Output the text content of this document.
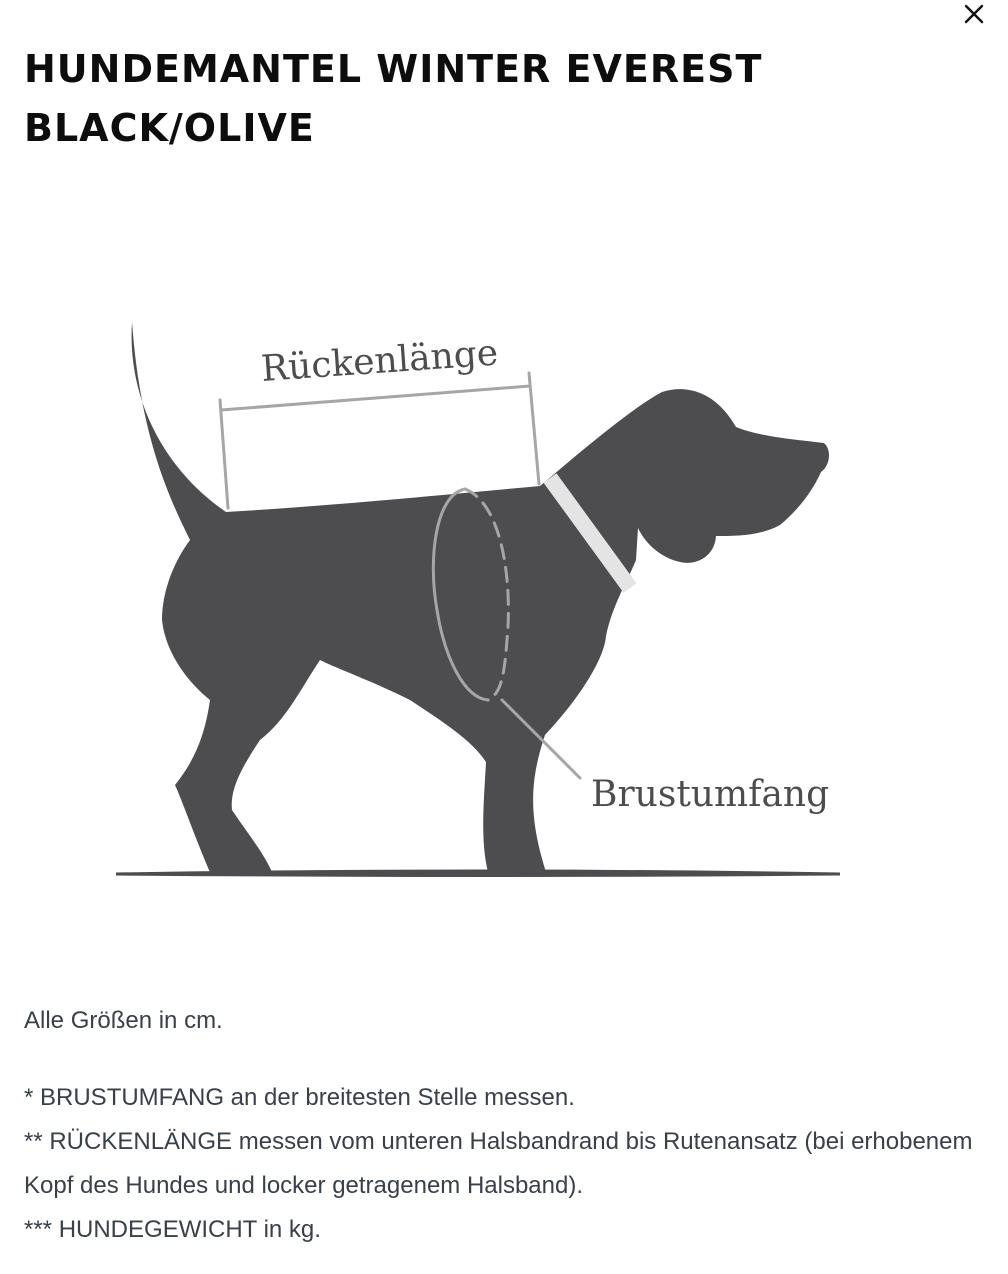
HUNDEMANTEL WINTER EVEREST
BLACK/OLIVE
Rückenlänge
Brustumfang

Alle Größen in cm.

* BRUSTUMFANG an der breitesten Stelle messen.

** RÜCKENLÄNGE messen vom unteren Halsbandrand bis Rutenansatz (bei erhobenem Kopf des Hundes und locker getragenem Halsband).

*** HUNDEGEWICHT in kg.
